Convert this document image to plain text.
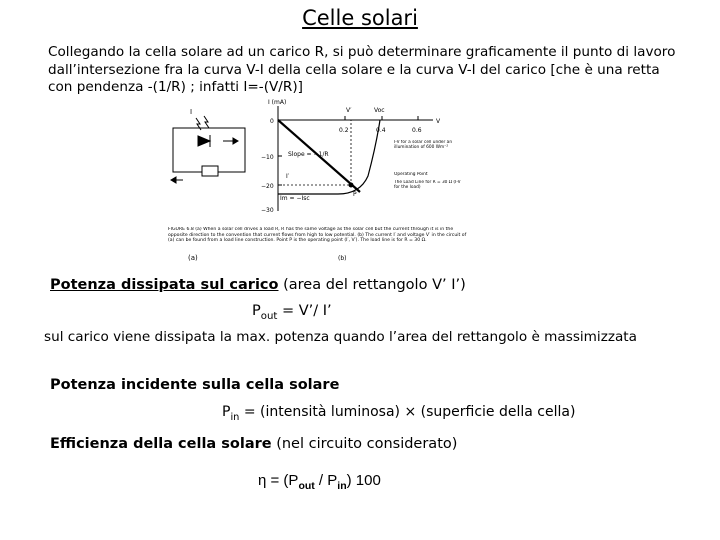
Celle solari
Collegando la cella solare ad un carico R, si può determinare graficamente il punto di lavoro dall’intersezione fra la curva V-I della cella solare e la curva V-I del carico [che è una retta con pendenza -(1/R) ; infatti I=-(V/R)]
I
(a)
I (mA)
V
0.2	0.4	0.6
0
−10
−20
−30
Voc
V′
I′
Slope = −1/R
Im = −Isc
P
(b)
I-V for a solar cell under an illumination of 600 Wm⁻²
Operating Point
The Load Line for R = 30 Ω (I-V for the load)
FIGURE 6.8 (a) When a solar cell drives a load R, R has the same voltage as the solar cell but the current through it is in the opposite direction to the convention that current flows from high to low potential. (b) The current I′ and voltage V′ in the circuit of (a) can be found from a load line construction. Point P is the operating point (I′, V′). The load line is for R = 30 Ω.
Potenza dissipata sul carico (area del rettangolo V’ I’)
$P_{out}$ = V’/ I’
sul carico viene dissipata la max. potenza quando l’area del rettangolo è massimizzata
Potenza incidente sulla cella solare
$P_{in}$ = (intensità luminosa) × (superficie della cella)
Efficienza della cella solare (nel circuito considerato)
$\eta = (P_{out} / P_{in})$ 100
